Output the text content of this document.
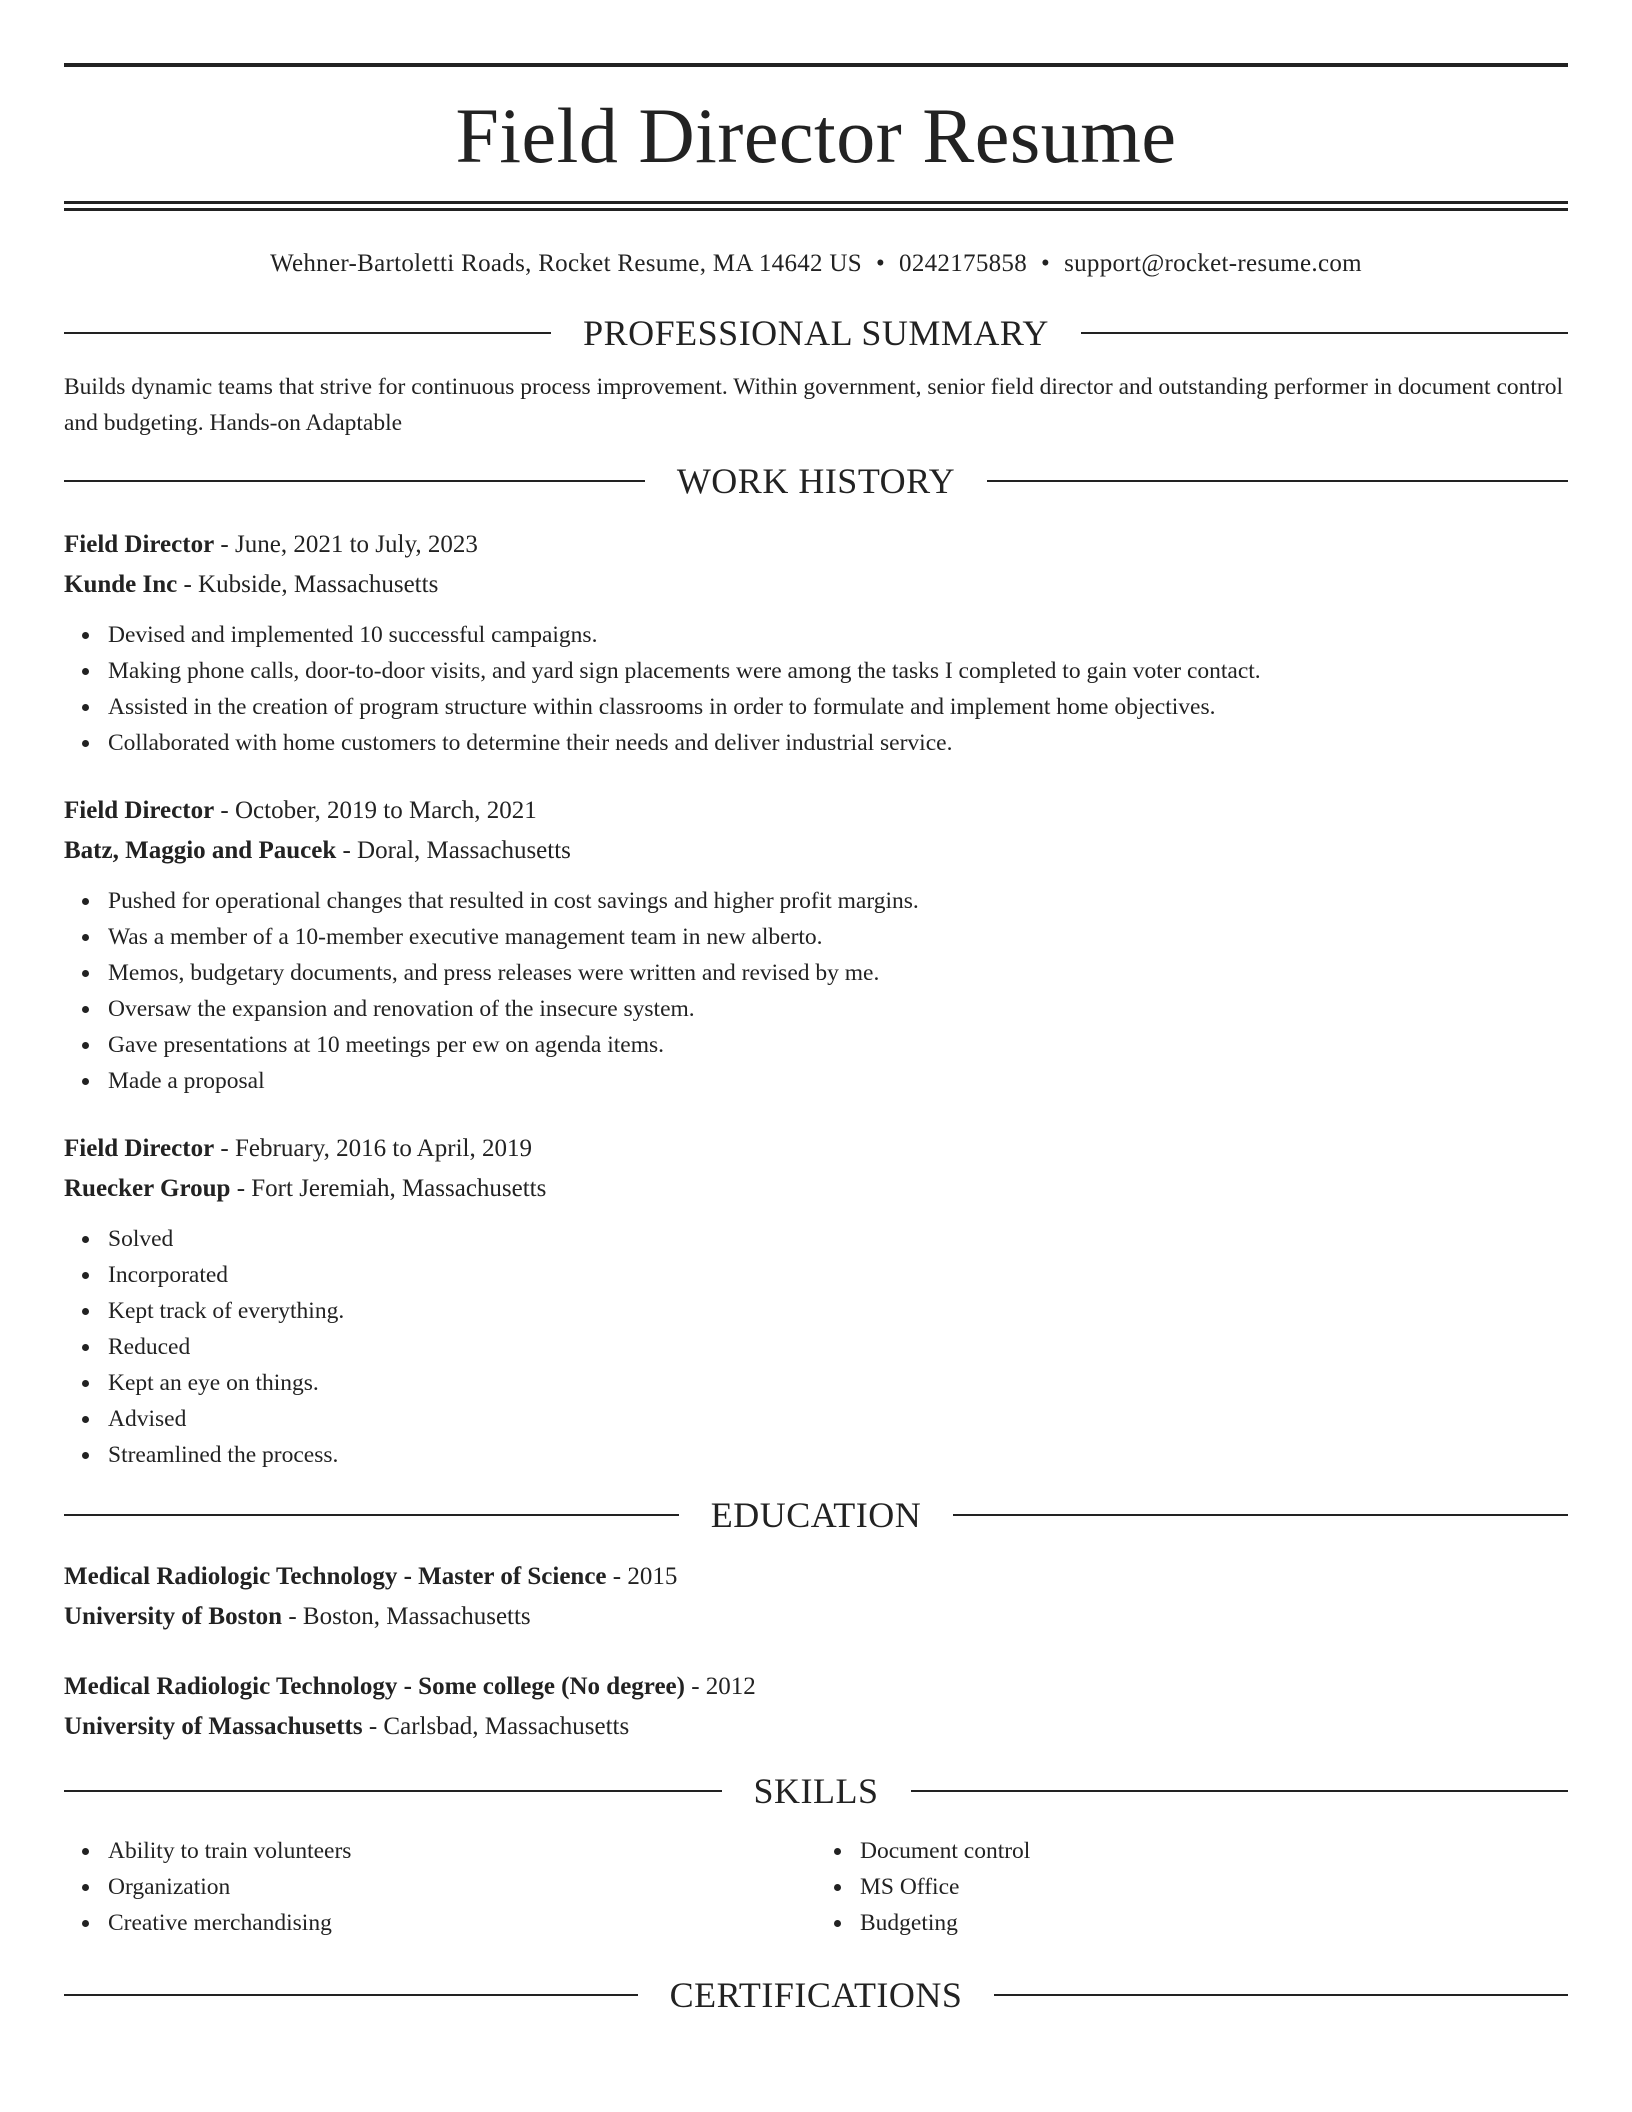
Field Director Resume
Wehner-Bartoletti Roads, Rocket Resume, MA 14642 US • 0242175858 • support@rocket-resume.com
PROFESSIONAL SUMMARY
Builds dynamic teams that strive for continuous process improvement. Within government, senior field director and outstanding performer in document control and budgeting. Hands-on Adaptable
WORK HISTORY
Field Director - June, 2021 to July, 2023
Kunde Inc - Kubside, Massachusetts
Devised and implemented 10 successful campaigns.
Making phone calls, door-to-door visits, and yard sign placements were among the tasks I completed to gain voter contact.
Assisted in the creation of program structure within classrooms in order to formulate and implement home objectives.
Collaborated with home customers to determine their needs and deliver industrial service.
Field Director - October, 2019 to March, 2021
Batz, Maggio and Paucek - Doral, Massachusetts
Pushed for operational changes that resulted in cost savings and higher profit margins.
Was a member of a 10-member executive management team in new alberto.
Memos, budgetary documents, and press releases were written and revised by me.
Oversaw the expansion and renovation of the insecure system.
Gave presentations at 10 meetings per ew on agenda items.
Made a proposal
Field Director - February, 2016 to April, 2019
Ruecker Group - Fort Jeremiah, Massachusetts
Solved
Incorporated
Kept track of everything.
Reduced
Kept an eye on things.
Advised
Streamlined the process.
EDUCATION
Medical Radiologic Technology - Master of Science - 2015
University of Boston - Boston, Massachusetts
Medical Radiologic Technology - Some college (No degree) - 2012
University of Massachusetts - Carlsbad, Massachusetts
SKILLS
Ability to train volunteers
Organization
Creative merchandising
Document control
MS Office
Budgeting
CERTIFICATIONS
